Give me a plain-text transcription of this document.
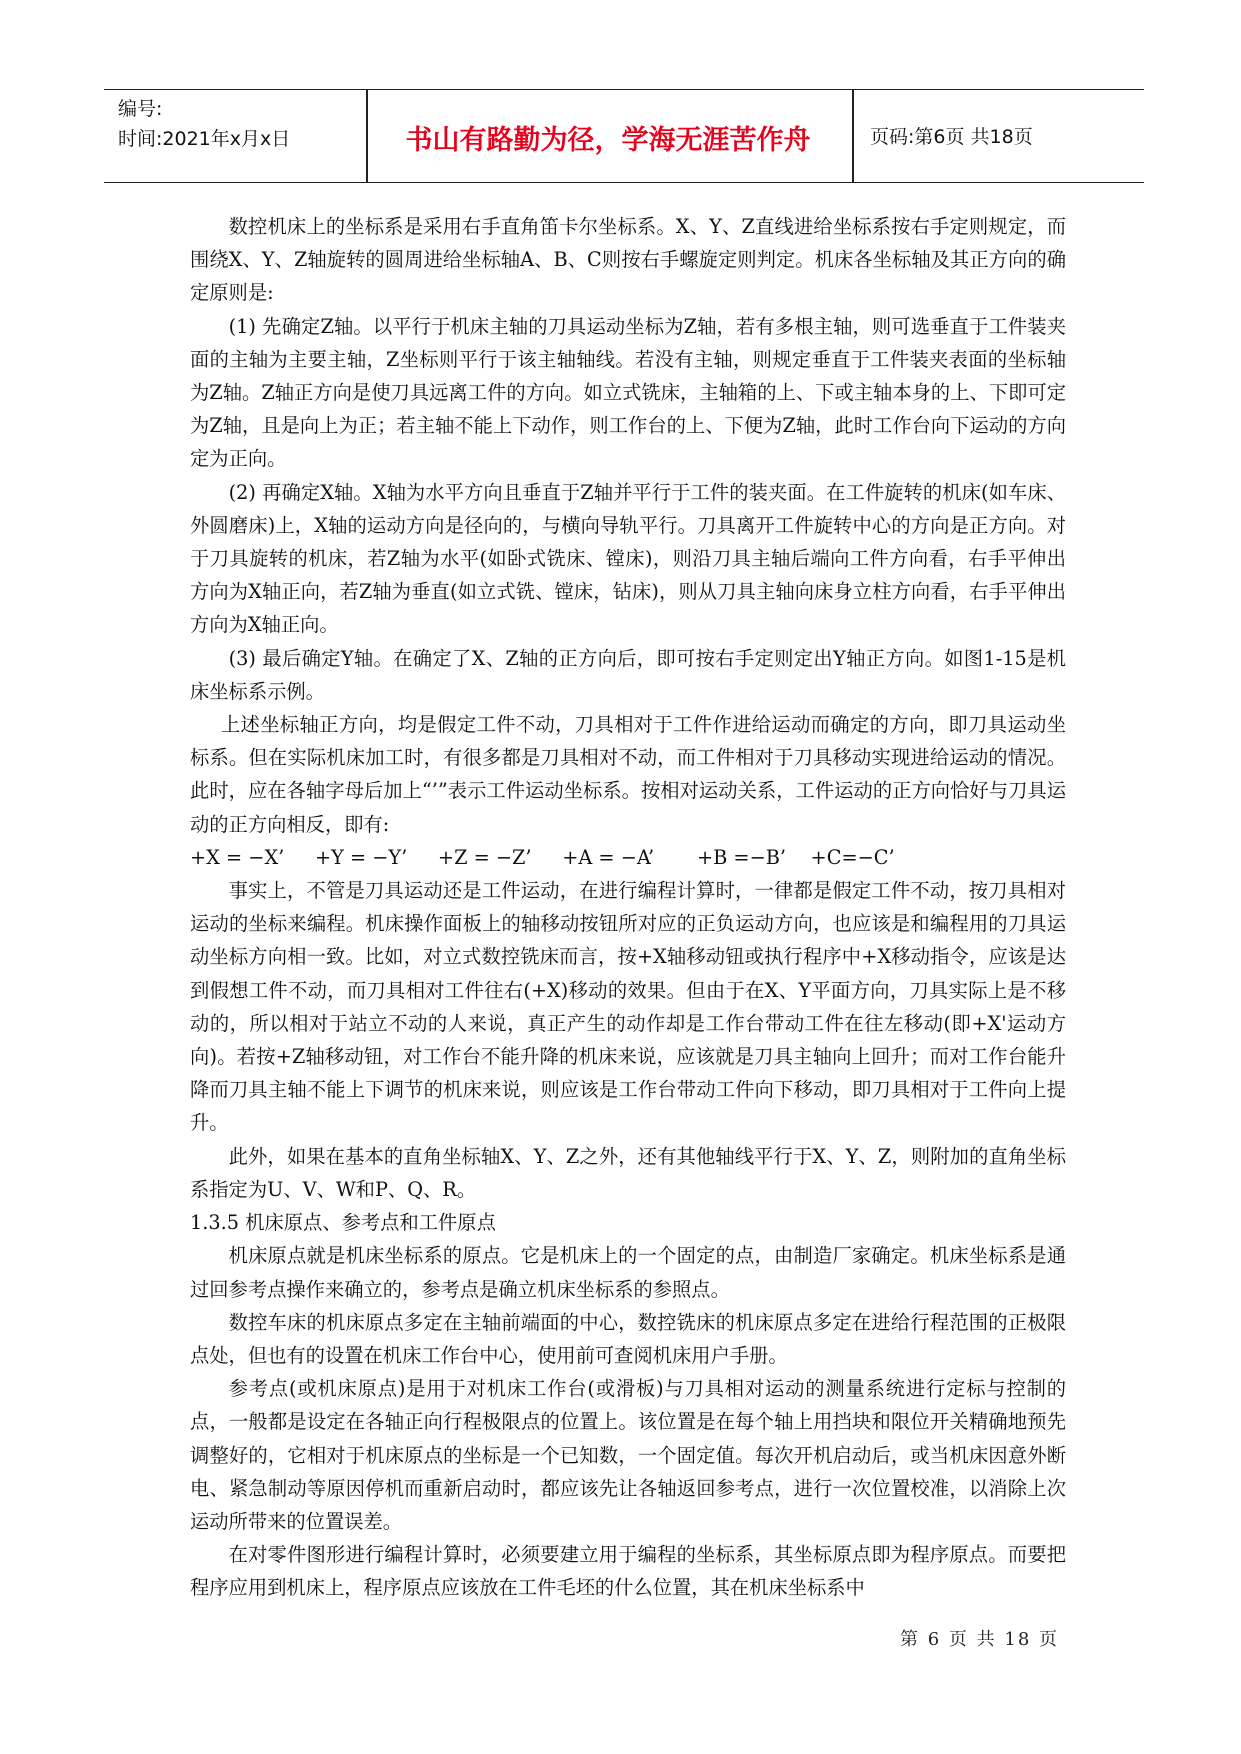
编号:
时间:2021年x月x日	书山有路勤为径，学海无涯苦作舟	页码:第6页 共18页

数控机床上的坐标系是采用右手直角笛卡尔坐标系。X、Y、Z直线进给坐标系按右手定则规定，而围绕X、Y、Z轴旋转的圆周进给坐标轴A、B、C则按右手螺旋定则判定。机床各坐标轴及其正方向的确定原则是:

(1) 先确定Z轴。以平行于机床主轴的刀具运动坐标为Z轴，若有多根主轴，则可选垂直于工件装夹面的主轴为主要主轴，Z坐标则平行于该主轴轴线。若没有主轴，则规定垂直于工件装夹表面的坐标轴为Z轴。Z轴正方向是使刀具远离工件的方向。如立式铣床，主轴箱的上、下或主轴本身的上、下即可定为Z轴，且是向上为正；若主轴不能上下动作，则工作台的上、下便为Z轴，此时工作台向下运动的方向定为正向。

(2) 再确定X轴。X轴为水平方向且垂直于Z轴并平行于工件的装夹面。在工件旋转的机床(如车床、外圆磨床)上，X轴的运动方向是径向的，与横向导轨平行。刀具离开工件旋转中心的方向是正方向。对于刀具旋转的机床，若Z轴为水平(如卧式铣床、镗床)，则沿刀具主轴后端向工件方向看，右手平伸出方向为X轴正向，若Z轴为垂直(如立式铣、镗床，钻床)，则从刀具主轴向床身立柱方向看，右手平伸出方向为X轴正向。

(3) 最后确定Y轴。在确定了X、Z轴的正方向后，即可按右手定则定出Y轴正方向。如图1-15是机床坐标系示例。

上述坐标轴正方向，均是假定工件不动，刀具相对于工件作进给运动而确定的方向，即刀具运动坐标系。但在实际机床加工时，有很多都是刀具相对不动，而工件相对于刀具移动实现进给运动的情况。此时，应在各轴字母后加上“’”表示工件运动坐标系。按相对运动关系，工件运动的正方向恰好与刀具运动的正方向相反，即有:

+X = −X’     +Y = −Y’     +Z = −Z’     +A = −A’       +B =−B’    +C=−C’

事实上，不管是刀具运动还是工件运动，在进行编程计算时，一律都是假定工件不动，按刀具相对运动的坐标来编程。机床操作面板上的轴移动按钮所对应的正负运动方向，也应该是和编程用的刀具运动坐标方向相一致。比如，对立式数控铣床而言，按+X轴移动钮或执行程序中+X移动指令，应该是达到假想工件不动，而刀具相对工件往右(+X)移动的效果。但由于在X、Y平面方向，刀具实际上是不移动的，所以相对于站立不动的人来说，真正产生的动作却是工作台带动工件在往左移动(即+X'运动方向)。若按+Z轴移动钮，对工作台不能升降的机床来说，应该就是刀具主轴向上回升；而对工作台能升降而刀具主轴不能上下调节的机床来说，则应该是工作台带动工件向下移动，即刀具相对于工件向上提升。

此外，如果在基本的直角坐标轴X、Y、Z之外，还有其他轴线平行于X、Y、Z，则附加的直角坐标系指定为U、V、W和P、Q、R。

1.3.5 机床原点、参考点和工件原点

机床原点就是机床坐标系的原点。它是机床上的一个固定的点，由制造厂家确定。机床坐标系是通过回参考点操作来确立的，参考点是确立机床坐标系的参照点。

数控车床的机床原点多定在主轴前端面的中心，数控铣床的机床原点多定在进给行程范围的正极限点处，但也有的设置在机床工作台中心，使用前可查阅机床用户手册。

参考点(或机床原点)是用于对机床工作台(或滑板)与刀具相对运动的测量系统进行定标与控制的点，一般都是设定在各轴正向行程极限点的位置上。该位置是在每个轴上用挡块和限位开关精确地预先调整好的，它相对于机床原点的坐标是一个已知数，一个固定值。每次开机启动后，或当机床因意外断电、紧急制动等原因停机而重新启动时，都应该先让各轴返回参考点，进行一次位置校准，以消除上次运动所带来的位置误差。

在对零件图形进行编程计算时，必须要建立用于编程的坐标系，其坐标原点即为程序原点。而要把程序应用到机床上，程序原点应该放在工件毛坯的什么位置，其在机床坐标系中

第 6 页 共 18 页
